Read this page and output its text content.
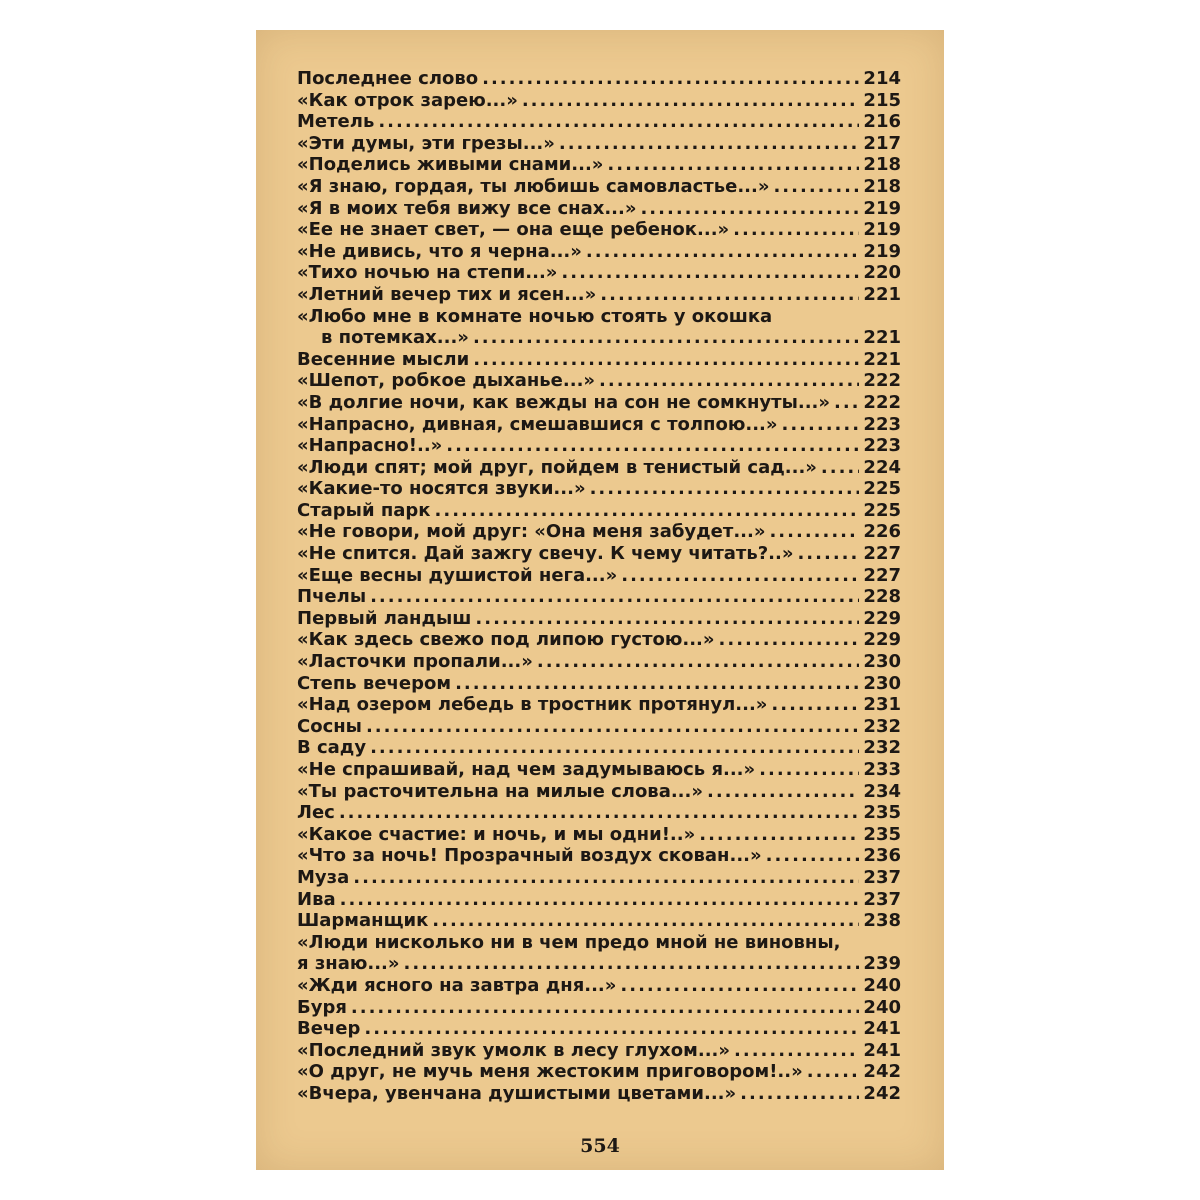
Последнее слово .....	214
«Как отрок зарею...» .....	215
Метель .....	216
«Эти думы, эти грезы...» .....	217
«Поделись живыми снами...» .....	218
«Я знаю, гордая, ты любишь самовластье...» .....	218
«Я в моих тебя вижу все снах...» .....	219
«Ее не знает свет, — она еще ребенок...» .....	219
«Не дивись, что я черна...» .....	219
«Тихо ночью на степи...» .....	220
«Летний вечер тих и ясен...» .....	221
«Любо мне в комнате ночью стоять у окошка
в потемках...» .....	221
Весенние мысли .....	221
«Шепот, робкое дыханье...» .....	222
«В долгие ночи, как вежды на сон не сомкнуты...» ..... 222
«Напрасно, дивная, смешавшися с толпою...» .....	223
«Напрасно!..» .....	223
«Люди спят; мой друг, пойдем в тенистый сад...» .....	224
«Какие-то носятся звуки...» .....	225
Старый парк .....	225
«Не говори, мой друг: «Она меня забудет...» .....	226
«Не спится. Дай зажгу свечу. К чему читать?..» .....	227
«Еще весны душистой нега...» .....	227
Пчелы .....	228
Первый ландыш .....	229
«Как здесь свежо под липою густою...» .....	229
«Ласточки пропали...» .....	230
Степь вечером .....	230
«Над озером лебедь в тростник протянул...» .....	231
Сосны .....	232
В саду .....	232
«Не спрашивай, над чем задумываюсь я...» .....	233
«Ты расточительна на милые слова...» .....	234
Лес .....	235
«Какое счастие: и ночь, и мы одни!..» .....	235
«Что за ночь! Прозрачный воздух скован...» .....	236
Муза .....	237
Ива .....	237
Шарманщик .....	238
«Люди нисколько ни в чем предо мной не виновны,
я знаю...» .....	239
«Жди ясного на завтра дня...» .....	240
Буря .....	240
Вечер .....	241
«Последний звук умолк в лесу глухом...» .....	241
«О друг, не мучь меня жестоким приговором!..» .....	242
«Вчера, увенчана душистыми цветами...» .....	242
554
